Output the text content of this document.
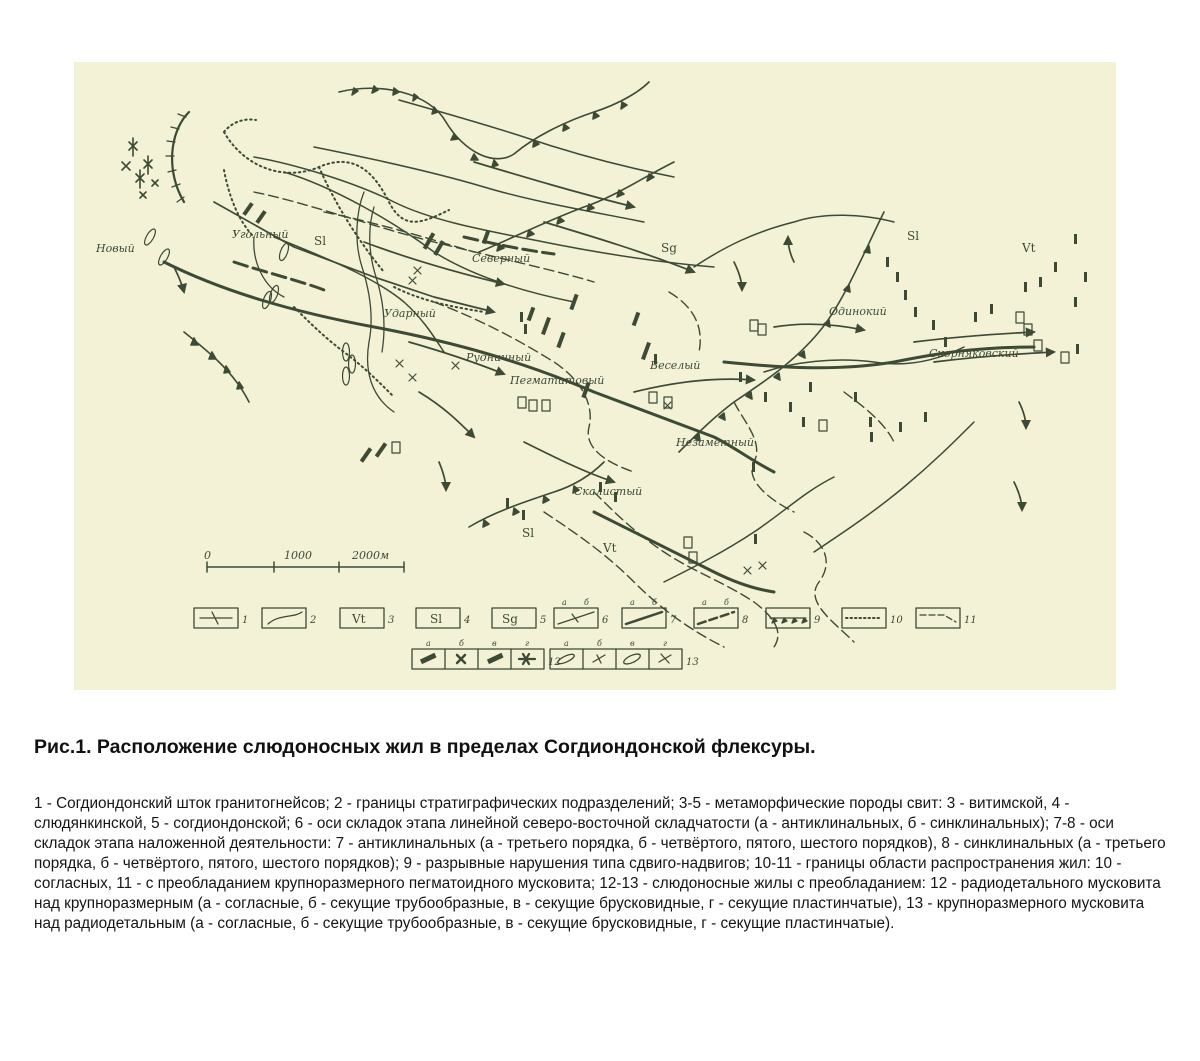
Новый
Угольный
Северный
Ударный
Рудничный
Пегматитовый
Веселый
Одинокий
Скорняковский
Незаметный
Скалистый
Sl	Sg
Sl
Vt
Sl
Vt
0	1000	2000м
1	2	Vt 3	Sl 4	Sg 5
а б
6
а б
7
а б
8	9	10	11
а	б	в	г
12
а	б	в	г
13

Рис.1. Расположение слюдоносных жил в пределах Согдиондонской флексуры.

1 - Согдиондонский шток гранитогнейсов; 2 - границы стратиграфических подразделений; 3-5 - метаморфические породы свит: 3 - витимской, 4 - слюдянкинской, 5 - согдиондонской; 6 - оси складок этапа линейной северо-восточной складчатости (а - антиклинальных, б - синклинальных); 7-8 - оси складок этапа наложенной деятельности: 7 - антиклинальных (а - третьего порядка, б - четвёртого, пятого, шестого порядков), 8 - синклинальных (а - третьего порядка, б - четвёртого, пятого, шестого порядков); 9 - разрывные нарушения типа сдвиго-надвигов; 10-11 - границы области распространения жил: 10 - согласных, 11 - с преобладанием крупноразмерного пегматоидного мусковита; 12-13 - слюдоносные жилы с преобладанием: 12 - радиодетального мусковита над крупноразмерным (а - согласные, б - секущие трубообразные, в - секущие брусковидные, г - секущие пластинчатые), 13 - крупноразмерного мусковита над радиодетальным (а - согласные, б - секущие трубообразные, в - секущие брусковидные, г - секущие пластинчатые).
